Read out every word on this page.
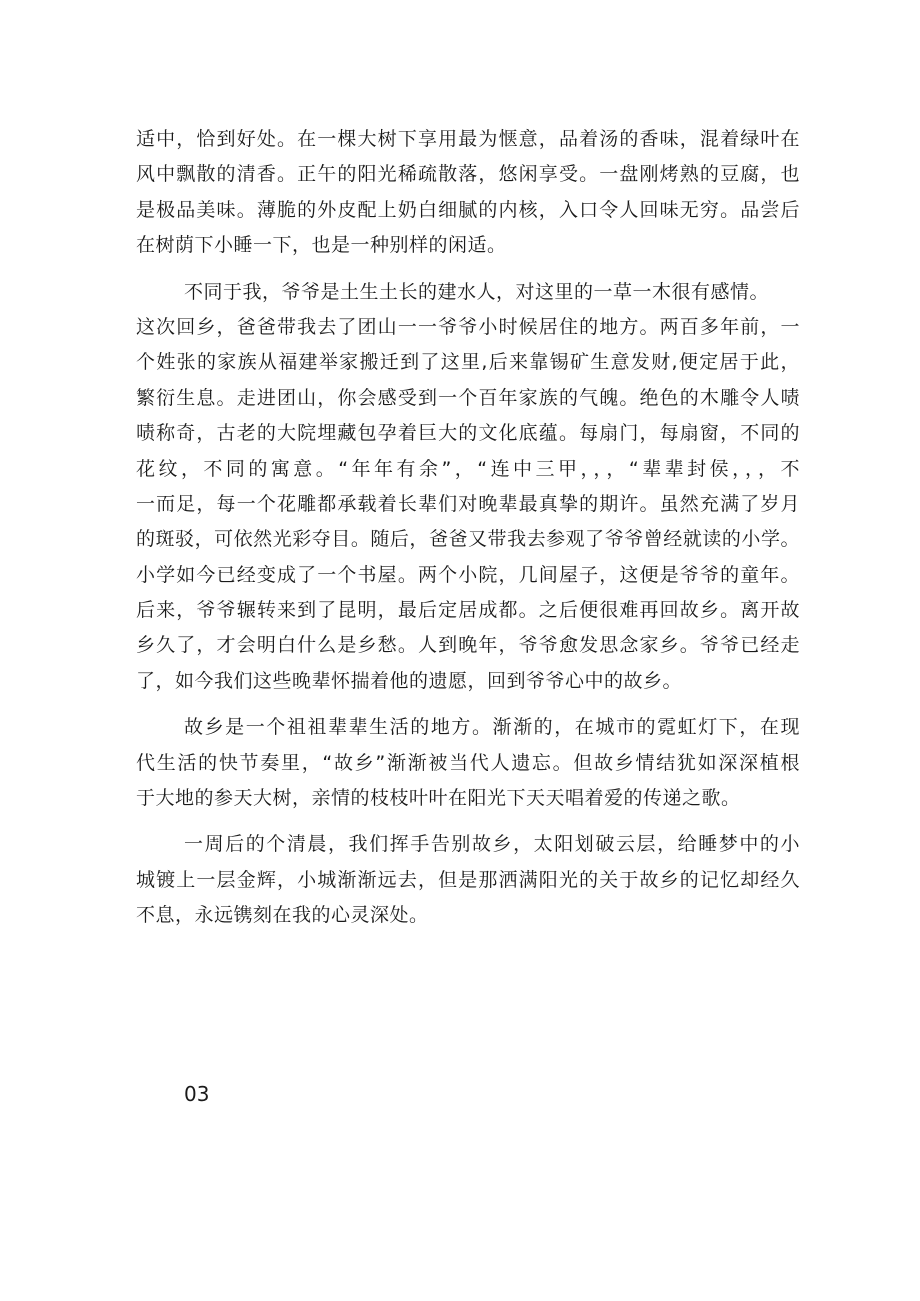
适中，恰到好处。在一棵大树下享用最为惬意，品着汤的香味，混着绿叶在
风中飘散的清香。正午的阳光稀疏散落，悠闲享受。一盘刚烤熟的豆腐，也
是极品美味。薄脆的外皮配上奶白细腻的内核，入口令人回味无穷。品尝后
在树荫下小睡一下，也是一种别样的闲适。
不同于我，爷爷是土生土长的建水人，对这里的一草一木很有感情。
这次回乡，爸爸带我去了团山一一爷爷小时候居住的地方。两百多年前，一
个姓张的家族从福建举家搬迁到了这里,后来靠锡矿生意发财,便定居于此，
繁衍生息。走进团山，你会感受到一个百年家族的气魄。绝色的木雕令人啧
啧称奇，古老的大院埋藏包孕着巨大的文化底蕴。每扇门，每扇窗，不同的
花纹，不同的寓意。“年年有余”，“连中三甲，，，“辈辈封侯，，，不
一而足，每一个花雕都承载着长辈们对晚辈最真挚的期许。虽然充满了岁月
的斑驳，可依然光彩夺目。随后，爸爸又带我去参观了爷爷曾经就读的小学。
小学如今已经变成了一个书屋。两个小院，几间屋子，这便是爷爷的童年。
后来，爷爷辗转来到了昆明，最后定居成都。之后便很难再回故乡。离开故
乡久了，才会明白什么是乡愁。人到晚年，爷爷愈发思念家乡。爷爷已经走
了，如今我们这些晚辈怀揣着他的遗愿，回到爷爷心中的故乡。
故乡是一个祖祖辈辈生活的地方。渐渐的，在城市的霓虹灯下，在现
代生活的快节奏里，“故乡”渐渐被当代人遗忘。但故乡情结犹如深深植根
于大地的参天大树，亲情的枝枝叶叶在阳光下天天唱着爱的传递之歌。
一周后的个清晨，我们挥手告别故乡，太阳划破云层，给睡梦中的小
城镀上一层金辉，小城渐渐远去，但是那洒满阳光的关于故乡的记忆却经久
不息，永远镌刻在我的心灵深处。
03
